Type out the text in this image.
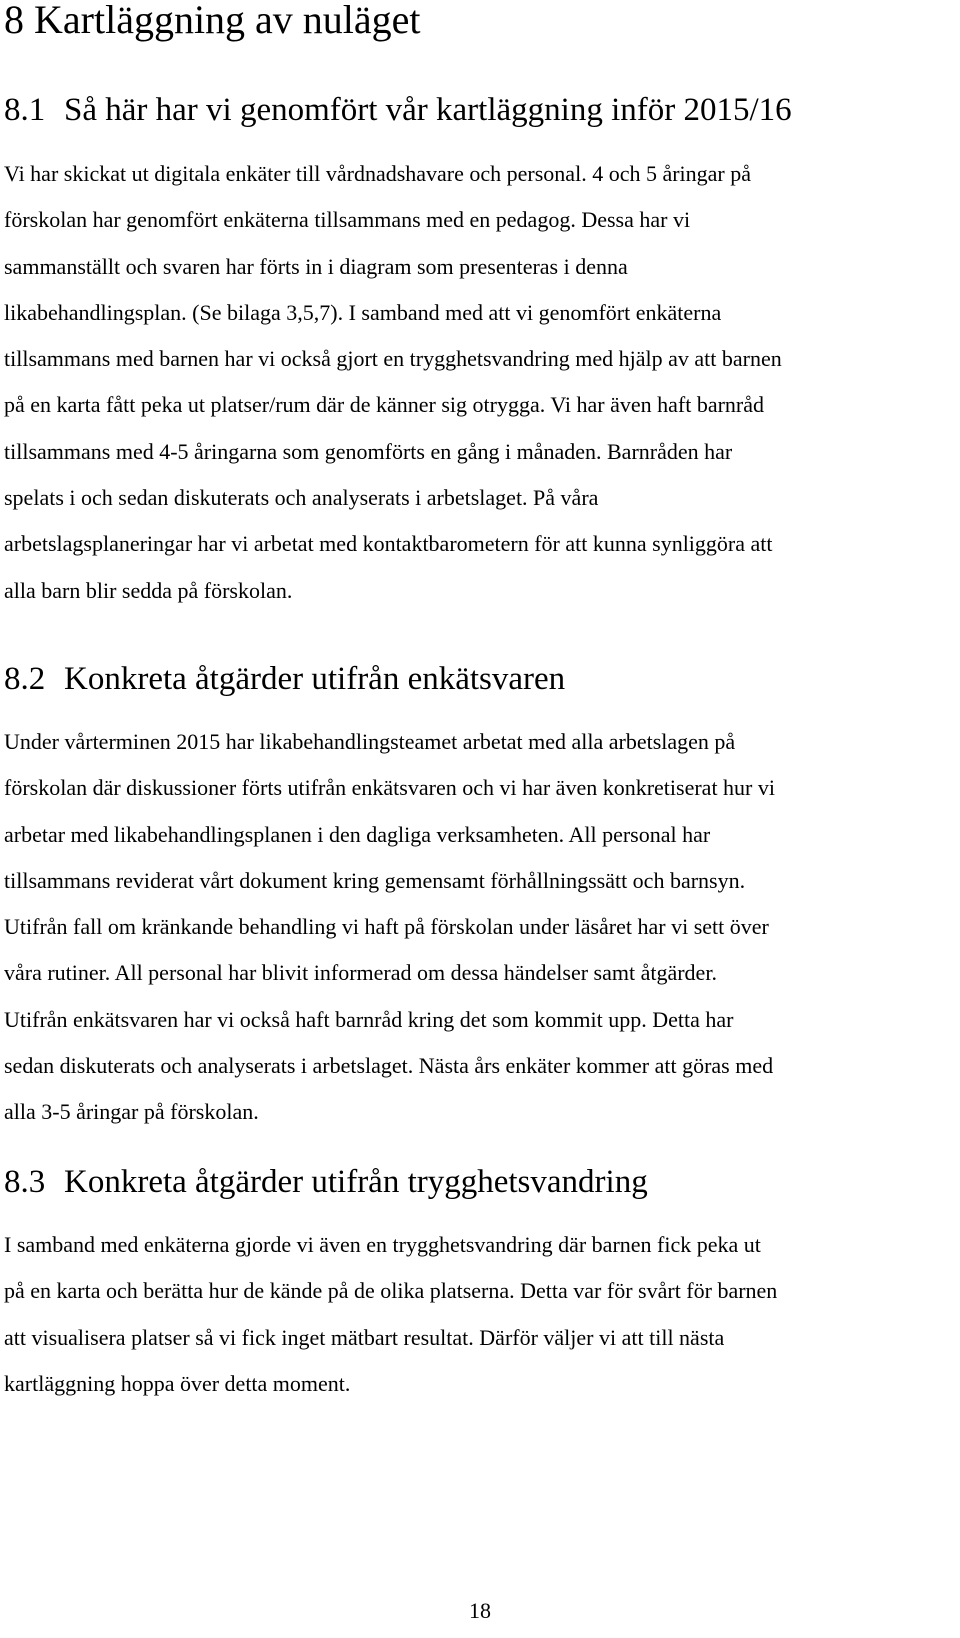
8 Kartläggning av nuläget
8.1 Så här har vi genomfört vår kartläggning inför 2015/16

Vi har skickat ut digitala enkäter till vårdnadshavare och personal. 4 och 5 åringar på
förskolan har genomfört enkäterna tillsammans med en pedagog. Dessa har vi
sammanställt och svaren har förts in i diagram som presenteras i denna
likabehandlingsplan. (Se bilaga 3,5,7). I samband med att vi genomfört enkäterna
tillsammans med barnen har vi också gjort en trygghetsvandring med hjälp av att barnen
på en karta fått peka ut platser/rum där de känner sig otrygga. Vi har även haft barnråd
tillsammans med 4-5 åringarna som genomförts en gång i månaden. Barnråden har
spelats i och sedan diskuterats och analyserats i arbetslaget. På våra
arbetslagsplaneringar har vi arbetat med kontaktbarometern för att kunna synliggöra att
alla barn blir sedda på förskolan.

8.2 Konkreta åtgärder utifrån enkätsvaren

Under vårterminen 2015 har likabehandlingsteamet arbetat med alla arbetslagen på
förskolan där diskussioner förts utifrån enkätsvaren och vi har även konkretiserat hur vi
arbetar med likabehandlingsplanen i den dagliga verksamheten. All personal har
tillsammans reviderat vårt dokument kring gemensamt förhållningssätt och barnsyn.
Utifrån fall om kränkande behandling vi haft på förskolan under läsåret har vi sett över
våra rutiner. All personal har blivit informerad om dessa händelser samt åtgärder.
Utifrån enkätsvaren har vi också haft barnråd kring det som kommit upp. Detta har
sedan diskuterats och analyserats i arbetslaget. Nästa års enkäter kommer att göras med
alla 3-5 åringar på förskolan.

8.3 Konkreta åtgärder utifrån trygghetsvandring

I samband med enkäterna gjorde vi även en trygghetsvandring där barnen fick peka ut
på en karta och berätta hur de kände på de olika platserna. Detta var för svårt för barnen
att visualisera platser så vi fick inget mätbart resultat. Därför väljer vi att till nästa
kartläggning hoppa över detta moment.

18
